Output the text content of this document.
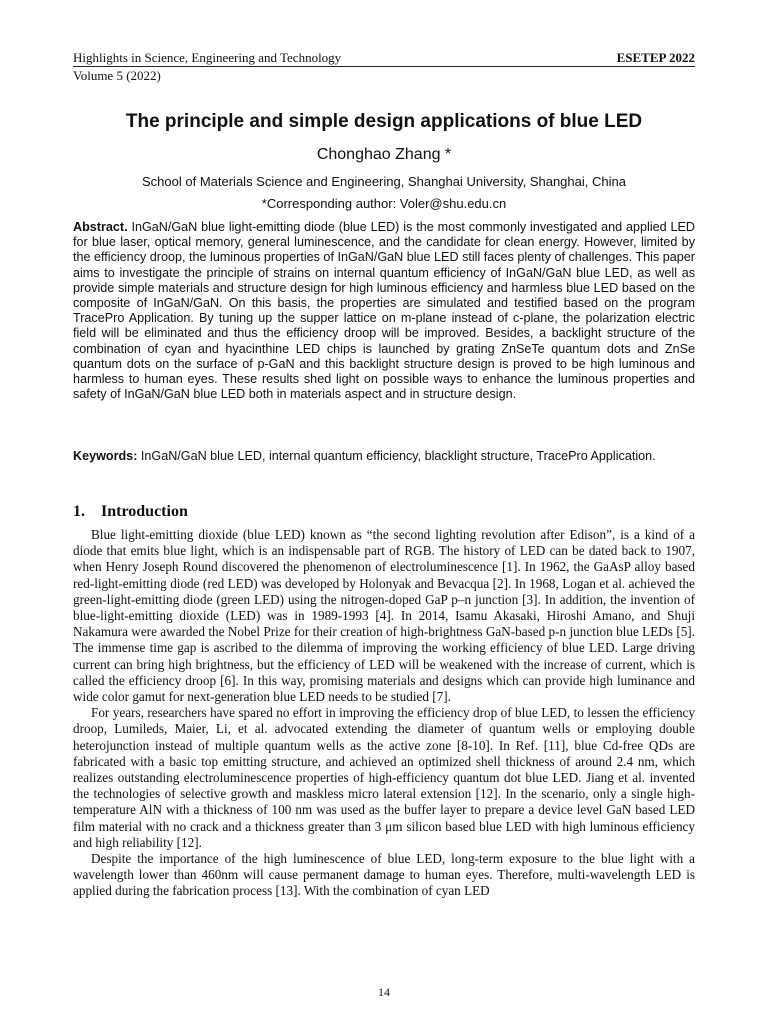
Highlights in Science, Engineering and Technology	ESETEP 2022
Volume 5 (2022)
The principle and simple design applications of blue LED
Chonghao Zhang *
School of Materials Science and Engineering, Shanghai University, Shanghai, China
*Corresponding author: Voler@shu.edu.cn

Abstract. InGaN/GaN blue light-emitting diode (blue LED) is the most commonly investigated and applied LED for blue laser, optical memory, general luminescence, and the candidate for clean energy. However, limited by the efficiency droop, the luminous properties of InGaN/GaN blue LED still faces plenty of challenges. This paper aims to investigate the principle of strains on internal quantum efficiency of InGaN/GaN blue LED, as well as provide simple materials and structure design for high luminous efficiency and harmless blue LED based on the composite of InGaN/GaN. On this basis, the properties are simulated and testified based on the program TracePro Application. By tuning up the supper lattice on m-plane instead of c-plane, the polarization electric field will be eliminated and thus the efficiency droop will be improved. Besides, a backlight structure of the combination of cyan and hyacinthine LED chips is launched by grating ZnSeTe quantum dots and ZnSe quantum dots on the surface of p-GaN and this backlight structure design is proved to be high luminous and harmless to human eyes. These results shed light on possible ways to enhance the luminous properties and safety of InGaN/GaN blue LED both in materials aspect and in structure design.

Keywords: InGaN/GaN blue LED, internal quantum efficiency, blacklight structure, TracePro Application.

1. Introduction

Blue light-emitting dioxide (blue LED) known as “the second lighting revolution after Edison”, is a kind of a diode that emits blue light, which is an indispensable part of RGB. The history of LED can be dated back to 1907, when Henry Joseph Round discovered the phenomenon of electroluminescence [1]. In 1962, the GaAsP alloy based red-light-emitting diode (red LED) was developed by Holonyak and Bevacqua [2]. In 1968, Logan et al. achieved the green-light-emitting diode (green LED) using the nitrogen-doped GaP p–n junction [3]. In addition, the invention of blue-light-emitting dioxide (LED) was in 1989-1993 [4]. In 2014, Isamu Akasaki, Hiroshi Amano, and Shuji Nakamura were awarded the Nobel Prize for their creation of high-brightness GaN-based p-n junction blue LEDs [5]. The immense time gap is ascribed to the dilemma of improving the working efficiency of blue LED. Large driving current can bring high brightness, but the efficiency of LED will be weakened with the increase of current, which is called the efficiency droop [6]. In this way, promising materials and designs which can provide high luminance and wide color gamut for next-generation blue LED needs to be studied [7].

For years, researchers have spared no effort in improving the efficiency drop of blue LED, to lessen the efficiency droop, Lumileds, Maier, Li, et al. advocated extending the diameter of quantum wells or employing double heterojunction instead of multiple quantum wells as the active zone [8-10]. In Ref. [11], blue Cd-free QDs are fabricated with a basic top emitting structure, and achieved an optimized shell thickness of around 2.4 nm, which realizes outstanding electroluminescence properties of high-efficiency quantum dot blue LED. Jiang et al. invented the technologies of selective growth and maskless micro lateral extension [12]. In the scenario, only a single high-temperature AlN with a thickness of 100 nm was used as the buffer layer to prepare a device level GaN based LED film material with no crack and a thickness greater than 3 μm silicon based blue LED with high luminous efficiency and high reliability [12].

Despite the importance of the high luminescence of blue LED, long-term exposure to the blue light with a wavelength lower than 460nm will cause permanent damage to human eyes. Therefore, multi-wavelength LED is applied during the fabrication process [13]. With the combination of cyan LED

14
